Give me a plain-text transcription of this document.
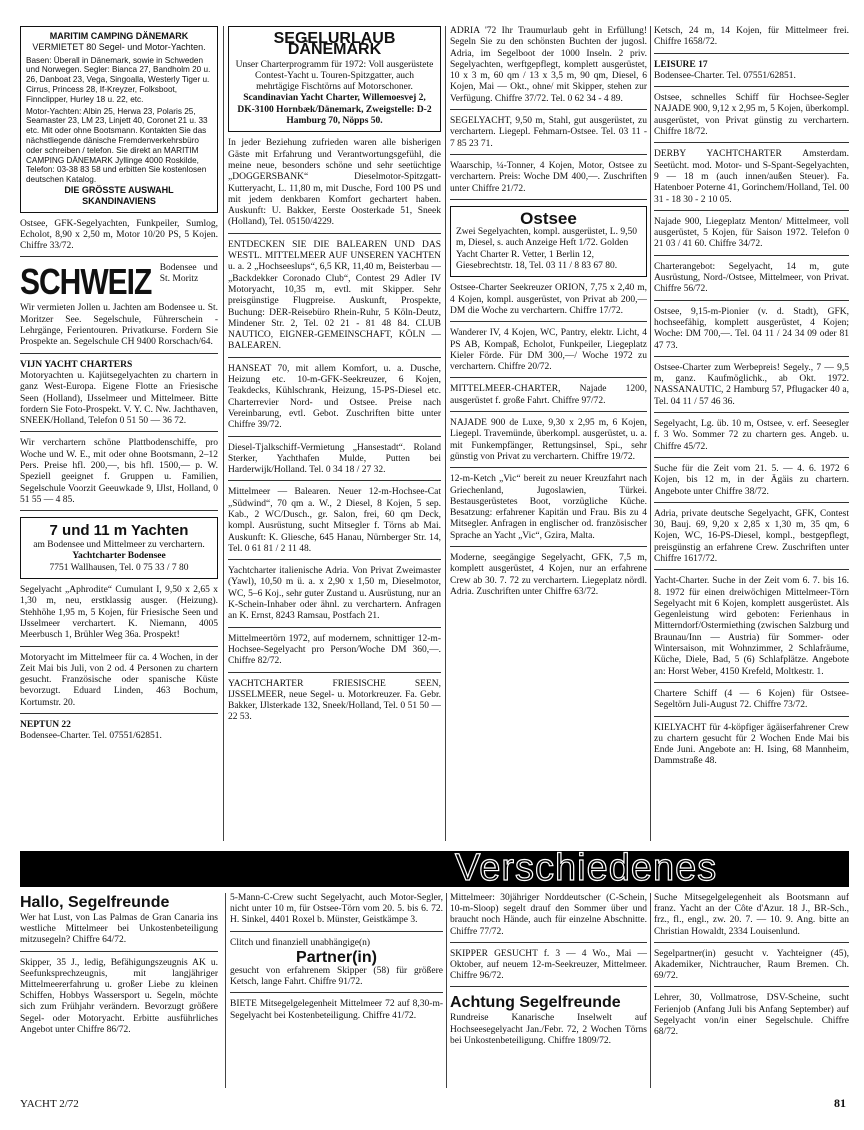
MARITIM CAMPING DÄNEMARK
VERMIETET 80 Segel- und Motor-Yachten.
Basen: Überall in Dänemark, sowie in Schweden und Norwegen. Segler: Bianca 27, Bandholm 20 u. 26, Danboat 23, Vega, Singoalla, Westerly Tiger u. Cirrus, Princess 28, If-Kreyzer, Folksboot, Finnclipper, Hurley 18 u. 22, etc.
Motor-Yachten: Albin 25, Herwa 23, Polaris 25, Seamaster 23, LM 23, Linjett 40, Coronet 21 u. 33 etc. Mit oder ohne Bootsmann. Kontakten Sie das nächstliegende dänische Fremdenverkehrsbüro oder schreiben / telefon. Sie direkt an MARITIM CAMPING DÄNEMARK Jyllinge 4000 Roskilde, Telefon: 03-38 83 58 und erbitten Sie kostenlosen deutschen Katalog.
DIE GRÖSSTE AUSWAHL
SKANDINAVIENS
Ostsee, GFK-Segelyachten, Funkpeiler, Sumlog, Echolot, 8,90 x 2,50 m, Motor 10/20 PS, 5 Kojen. Chiffre 33/72.
SCHWEIZ Bodensee und St. Moritz
Wir vermieten Jollen u. Jachten am Bodensee u. St. Moritzer See. Segelschule, Führerschein - Lehrgänge, Ferientouren. Privatkurse. Fordern Sie Prospekte an. Segelschule CH 9400 Rorschach/64.
VIJN YACHT CHARTERS
Motoryachten u. Kajütsegelyachten zu chartern in ganz West-Europa. Eigene Flotte an Friesische Seen (Holland), IJsselmeer und Mittelmeer. Bitte fordern Sie Foto-Prospekt. V. Y. C. Nw. Jachthaven, SNEEK/Holland, Telefon 0 51 50 — 36 72.
Wir verchartern schöne Plattbodenschiffe, pro Woche und W. E., mit oder ohne Bootsmann, 2–12 Pers. Preise hfl. 200,—, bis hfl. 1500,— p. W. Speziell geeignet f. Gruppen u. Familien, Segelschule Voorzit Geeuwkade 9, IJlst, Holland, 0 51 55 — 4 85.
7 und 11 m Yachten
am Bodensee und Mittelmeer zu verchartern.
Yachtcharter Bodensee
7751 Wallhausen, Tel. 0 75 33 / 7 80
Segelyacht „Aphrodite“ Cumulant I, 9,50 x 2,65 x 1,30 m, neu, erstklassig ausger. (Heizung). Stehhöhe 1,95 m, 5 Kojen, für Friesische Seen und IJsselmeer verchartert. K. Niemann, 4005 Meerbusch 1, Brühler Weg 36a. Prospekt!
Motoryacht im Mittelmeer für ca. 4 Wochen, in der Zeit Mai bis Juli, von 2 od. 4 Personen zu chartern gesucht. Französische oder spanische Küste bevorzugt. Eduard Linden, 463 Bochum, Kortumstr. 20.
NEPTUN 22
Bodensee-Charter. Tel. 07551/62851.
SEGELURLAUB DÄNEMARK
Unser Charterprogramm für 1972: Voll ausgerüstete Contest-Yacht u. Touren-Spitzgatter, auch mehrtägige Fischtörns auf Motorschoner.
Scandinavian Yacht Charter, Willemoesvej 2, DK-3100 Hornbæk/Dänemark, Zweigstelle: D-2 Hamburg 70, Nöpps 50.
In jeder Beziehung zufrieden waren alle bisherigen Gäste mit Erfahrung und Verantwortungsgefühl, die meine neue, besonders schöne und sehr seetüchtige „DOGGERSBANK“ Dieselmotor-Spitzgatt-Kutteryacht, L. 11,80 m, mit Dusche, Ford 100 PS und mit jedem denkbaren Komfort gechartert haben. Auskunft: U. Bakker, Eerste Oosterkade 51, Sneek (Holland), Tel. 05150/4229.
ENTDECKEN SIE DIE BALEAREN UND DAS WESTL. MITTELMEER AUF UNSEREN YACHTEN u. a. 2 „Hochseeslups“, 6,5 KR, 11,40 m, Beisterbau — „Backdekker Coronado Club“, Contest 29 Adler IV Motoryacht, 10,35 m, evtl. mit Skipper. Sehr preisgünstige Flugpreise. Auskunft, Prospekte, Buchung: DER-Reisebüro Rhein-Ruhr, 5 Köln-Deutz, Mindener Str. 2, Tel. 02 21 - 81 48 84. CLUB NAUTICO, EIGNER-GEMEINSCHAFT, KÖLN — BALEAREN.
HANSEAT 70, mit allem Komfort, u. a. Dusche, Heizung etc. 10-m-GFK-Seekreuzer, 6 Kojen, Teakdecks, Kühlschrank, Heizung, 15-PS-Diesel etc. Charterrevier Nord- und Ostsee. Preise nach Vereinbarung, evtl. Gebot. Zuschriften bitte unter Chiffre 39/72.
Diesel-Tjalkschiff-Vermietung „Hansestadt“. Roland Sterker, Yachthafen Mulde, Putten bei Harderwijk/Holland. Tel. 0 34 18 / 27 32.
Mittelmeer — Balearen. Neuer 12-m-Hochsee-Cat „Südwind“, 70 qm a. W., 2 Diesel, 8 Kojen, 5 sep. Kab., 2 WC/Dusch., gr. Salon, frei, 60 qm Deck, kompl. Ausrüstung, sucht Mitsegler f. Törns ab Mai. Auskunft: K. Gliesche, 645 Hanau, Nürnberger Str. 14, Tel. 0 61 81 / 2 11 48.
Yachtcharter italienische Adria. Von Privat Zweimaster (Yawl), 10,50 m ü. a. x 2,90 x 1,50 m, Dieselmotor, WC, 5–6 Koj., sehr guter Zustand u. Ausrüstung, nur an K-Schein-Inhaber oder ähnl. zu verchartern. Anfragen an K. Ernst, 8243 Ramsau, Postfach 21.
Mittelmeertörn 1972, auf modernem, schnittiger 12-m-Hochsee-Segelyacht pro Person/Woche DM 360,—. Chiffre 82/72.
YACHTCHARTER FRIESISCHE SEEN, IJSSELMEER, neue Segel- u. Motorkreuzer. Fa. Gebr. Bakker, IJlsterkade 132, Sneek/Holland, Tel. 0 51 50 — 22 53.
ADRIA '72 Ihr Traumurlaub geht in Erfüllung! Segeln Sie zu den schönsten Buchten der jugosl. Adria, im Segelboot der 1000 Inseln. 2 priv. Segelyachten, werftgepflegt, komplett ausgerüstet, 10 x 3 m, 60 qm / 13 x 3,5 m, 90 qm, Diesel, 6 Kojen, Mai — Okt., ohne/ mit Skipper, stehen zur Verfügung. Chiffre 37/72. Tel. 0 62 34 - 4 89.
SEGELYACHT, 9,50 m, Stahl, gut ausgerüstet, zu verchartern. Liegepl. Fehmarn-Ostsee. Tel. 03 11 - 7 85 23 71.
Waarschip, ¼-Tonner, 4 Kojen, Motor, Ostsee zu verchartern. Preis: Woche DM 400,—. Zuschriften unter Chiffre 21/72.
Ostsee
Zwei Segelyachten, kompl. ausgerüstet, L. 9,50 m, Diesel, s. auch Anzeige Heft 1/72. Golden Yacht Charter R. Vetter, 1 Berlin 12, Giesebrechtstr. 18, Tel. 03 11 / 8 83 67 80.
Ostsee-Charter Seekreuzer ORION, 7,75 x 2,40 m, 4 Kojen, kompl. ausgerüstet, von Privat ab 200,— DM die Woche zu verchartern. Chiffre 17/72.
Wanderer IV, 4 Kojen, WC, Pantry, elektr. Licht, 4 PS AB, Kompaß, Echolot, Funkpeiler, Liegeplatz Kieler Förde. Für DM 300,—/ Woche 1972 zu verchartern. Chiffre 20/72.
MITTELMEER-CHARTER, Najade 1200, ausgerüstet f. große Fahrt. Chiffre 97/72.
NAJADE 900 de Luxe, 9,30 x 2,95 m, 6 Kojen, Liegepl. Travemünde, überkompl. ausgerüstet, u. a. mit Funkempfänger, Rettungsinsel, Spi., sehr günstig von Privat zu verchartern. Chiffre 19/72.
12-m-Ketch „Vic“ bereit zu neuer Kreuzfahrt nach Griechenland, Jugoslawien, Türkei. Bestausgerüstetes Boot, vorzügliche Küche. Besatzung: erfahrener Kapitän und Frau. Bis zu 4 Mitsegler. Anfragen in englischer od. französischer Sprache an Yacht „Vic“, Gzira, Malta.
Moderne, seegängige Segelyacht, GFK, 7,5 m, komplett ausgerüstet, 4 Kojen, nur an erfahrene Crew ab 30. 7. 72 zu verchartern. Liegeplatz nördl. Adria. Zuschriften unter Chiffre 63/72.
Ketsch, 24 m, 14 Kojen, für Mittelmeer frei. Chiffre 1658/72.
LEISURE 17
Bodensee-Charter. Tel. 07551/62851.
Ostsee, schnelles Schiff für Hochsee-Segler NAJADE 900, 9,12 x 2,95 m, 5 Kojen, überkompl. ausgerüstet, von Privat günstig zu verchartern. Chiffre 18/72.
DERBY YACHTCHARTER Amsterdam. Seetücht. mod. Motor- und S-Spant-Segelyachten, 9 — 18 m (auch innen/außen Steuer). Fa. Hatenboer Poterne 41, Gorinchem/Holland, Tel. 00 31 - 18 30 - 2 10 05.
Najade 900, Liegeplatz Menton/ Mittelmeer, voll ausgerüstet, 5 Kojen, für Saison 1972. Telefon 0 21 03 / 41 60. Chiffre 34/72.
Charterangebot: Segelyacht, 14 m, gute Ausrüstung, Nord-/Ostsee, Mittelmeer, von Privat. Chiffre 56/72.
Ostsee, 9,15-m-Pionier (v. d. Stadt), GFK, hochseefähig, komplett ausgerüstet, 4 Kojen; Woche: DM 700,—. Tel. 04 11 / 24 34 09 oder 81 47 73.
Ostsee-Charter zum Werbepreis! Segely., 7 — 9,5 m, ganz. Kaufmöglichk., ab Okt. 1972. NASSANAUTIC, 2 Hamburg 57, Pflugacker 40 a, Tel. 04 11 / 57 46 36.
Segelyacht, Lg. üb. 10 m, Ostsee, v. erf. Seesegler f. 3 Wo. Sommer 72 zu chartern ges. Angeb. u. Chiffre 45/72.
Suche für die Zeit vom 21. 5. — 4. 6. 1972 6 Kojen, bis 12 m, in der Ägäis zu chartern. Angebote unter Chiffre 38/72.
Adria, private deutsche Segelyacht, GFK, Contest 30, Bauj. 69, 9,20 x 2,85 x 1,30 m, 35 qm, 6 Kojen, WC, 16-PS-Diesel, kompl., bestgepflegt, preisgünstig an erfahrene Crew. Zuschriften unter Chiffre 1617/72.
Yacht-Charter. Suche in der Zeit vom 6. 7. bis 16. 8. 1972 für einen dreiwöchigen Mittelmeer-Törn Segelyacht mit 6 Kojen, komplett ausgerüstet. Als Gegenleistung wird geboten: Ferienhaus in Mitterndorf/Ostermiething (zwischen Salzburg und Braunau/Inn — Austria) für Sommer- oder Wintersaison, mit Wohnzimmer, 2 Schlafräume, Küche, Diele, Bad, 5 (6) Schlafplätze. Angebote an: Horst Weber, 4150 Krefeld, Moltkestr. 1.
Chartere Schiff (4 — 6 Kojen) für Ostsee-Segeltörn Juli-August 72. Chiffre 73/72.
KIELYACHT für 4-köpfiger ägäiserfahrener Crew zu chartern gesucht für 2 Wochen Ende Mai bis Ende Juni. Angebote an: H. Ising, 68 Mannheim, Dammstraße 48.
Verschiedenes
Hallo, Segelfreunde
Wer hat Lust, von Las Palmas de Gran Canaria ins westliche Mittelmeer bei Unkostenbeteiligung mitzusegeln? Chiffre 64/72.
Skipper, 35 J., ledig, Befähigungszeugnis AK u. Seefunksprechzeugnis, mit langjähriger Mittelmeererfahrung u. großer Liebe zu kleinen Schiffen, Hobbys Wassersport u. Segeln, möchte sich zum Frühjahr verändern. Bevorzugt größere Segel- oder Motoryacht. Erbitte ausführliches Angebot unter Chiffre 86/72.
5-Mann-C-Crew sucht Segelyacht, auch Motor-Segler, nicht unter 10 m, für Ostsee-Törn vom 20. 5. bis 6. 72. H. Sinkel, 4401 Roxel b. Münster, Geistkämpe 3.
Clitch und finanziell unabhängige(n)
Partner(in)
gesucht von erfahrenem Skipper (58) für größere Ketsch, lange Fahrt. Chiffre 91/72.
BIETE Mitsegelgelegenheit Mittelmeer 72 auf 8,30-m-Segelyacht bei Kostenbeteiligung. Chiffre 41/72.
Mittelmeer: 30jähriger Norddeutscher (C-Schein, 10-m-Sloop) segelt drauf den Sommer über und braucht noch Hände, auch für einzelne Abschnitte. Chiffre 77/72.
SKIPPER GESUCHT f. 3 — 4 Wo., Mai — Oktober, auf neuem 12-m-Seekreuzer, Mittelmeer. Chiffre 96/72.
Achtung Segelfreunde
Rundreise Kanarische Inselwelt auf Hochseesegelyacht Jan./Febr. 72, 2 Wochen Törns bei Unkostenbeteiligung. Chiffre 1809/72.
Suche Mitsegelgelegenheit als Bootsmann auf franz. Yacht an der Côte d'Azur. 18 J., BR-Sch., frz., fl., engl., zw. 20. 7. — 10. 9. Ang. bitte an Christian Howaldt, 2334 Louisenlund.
Segelpartner(in) gesucht v. Yachteigner (45), Akademiker, Nichtraucher, Raum Bremen. Ch. 69/72.
Lehrer, 30, Vollmatrose, DSV-Scheine, sucht Ferienjob (Anfang Juli bis Anfang September) auf Segelyacht von/in einer Segelschule. Chiffre 68/72.
YACHT 2/72	81
